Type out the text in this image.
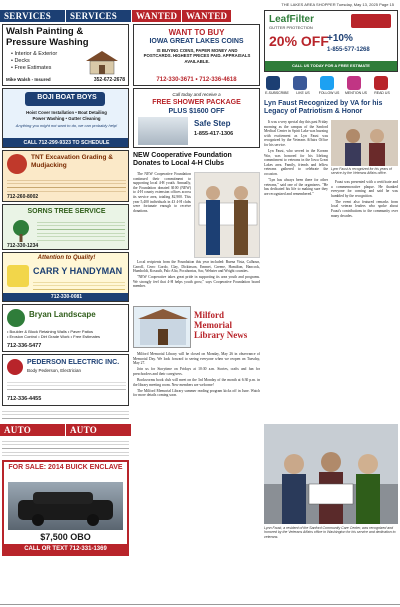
THE LAKES AREA SHOPPER Tuesday, May 13, 2025 Page 15
SERVICES	SERVICES	WANTED WANTED
Walsh Painting & Pressure Washing
• Interior & Exterior
• Decks
• Free Estimates
Mike Walsh - Insured	352-672-2678
BOJI BOAT BOYS
Hoist Cover Installation • Boat Detailing
Power Washing • Gutter Cleaning
Anything you might not want to do, we can probably help!
CALL 712-299-9323 TO SCHEDULE
TNT Excavation Grading & Mudjacking
712-260-8002
SORNS TREE SERVICE
712-330-1234
Attention to Quality!
CARR Y HANDYMAN
712-330-0081
Bryan Landscape
• Boulder & Block Retaining Walls • Paver Patios
• Erosion Control • Dirt Grade Work • Free Estimates
712-336-5477
PEDERSON ELECTRIC INC.
Body Pederson, Electrician
712-336-4455
AUTO	AUTO
FOR SALE: 2014 BUICK ENCLAVE
$7,500 OBO
CALL OR TEXT 712-331-1369
WANT TO BUY
IOWA GREAT LAKES COINS
IS BUYING COINS, PAPER MONEY AND POSTCARDS. HIGHEST PRICES PAID. APPRAISALS AVAILABLE.
712-330-3671 • 712-336-4618
Call today and receive a
FREE SHOWER PACKAGE
PLUS $1600 OFF
Safe Step
1-855-417-1306
NEW Cooperative Foundation Donates to Local 4-H Clubs

The NEW Cooperative Foundation continued their commitment to supporting local 4-H youth. Annually, the Foundation donated $100 (NEW) to 4-H county extension offices across its service area, totaling $2,900. This year 5,400 individuals in 43 4-H clubs were fortunate enough to receive donations.

Local recipients from the Foundation this year included: Buena Vista, Calhoun, Carroll, Cerro Gordo, Clay, Dickinson, Emmet, Greene, Hamilton, Hancock, Humboldt, Kossuth, Palo Alto, Pocahontas, Sac, Webster and Wright counties.

"NEW Cooperative takes great pride in supporting its area youth and programs. We strongly feel that 4-H helps youth grow," says Cooperative Foundation board member.

Milford Memorial Library News

Milford Memorial Library will be closed on Monday, May 26 in observance of Memorial Day. We look forward to seeing everyone when we reopen on Tuesday, May 27.

Join us for Storytime on Fridays at 10:30 a.m. Stories, crafts and fun for preschoolers and their caregivers.

Bookworms book club will meet on the 3rd Monday of the month at 6:30 p.m. in the library meeting room. New members are welcome!

The Milford Memorial Library summer reading program kicks off in June. Watch for more details coming soon.

LeafFilter
GUTTER PROTECTION
20% OFF
+10%
1-855-577-1268
CALL US TODAY FOR A FREE ESTIMATE
E-SUBSCRIBE	LIKE US	FOLLOW US	MENTION US	READ US
Lyn Faust Recognized by VA for his Legacy of Patriotism & Honor

It was a very special day this past Friday morning as the campus of the Sanford Medical Center in Spirit Lake was buzzing with excitement as Lyn Faust was recognized by the Veterans Affairs Office for his service.

Lyn Faust, who served in the Korean War, was honored for his lifelong commitment to veterans in the Iowa Great Lakes area. Family, friends and fellow veterans gathered to celebrate the occasion.

"Lyn has always been there for other veterans," said one of the organizers. "He has dedicated his life to making sure they are recognized and remembered."

Faust was presented with a certificate and a commemorative plaque. He thanked everyone for coming and said he was humbled by the recognition.

The event also featured remarks from local veteran leaders who spoke about Faust's contributions to the community over many decades.

Lynn Faust is recognized for his years of service by the Veterans Affairs office.
Lynn Faust, a resident of the Sanford Community Care Center, was recognized and honored by the Veterans Affairs office in Washington for his service and dedication to veterans.
